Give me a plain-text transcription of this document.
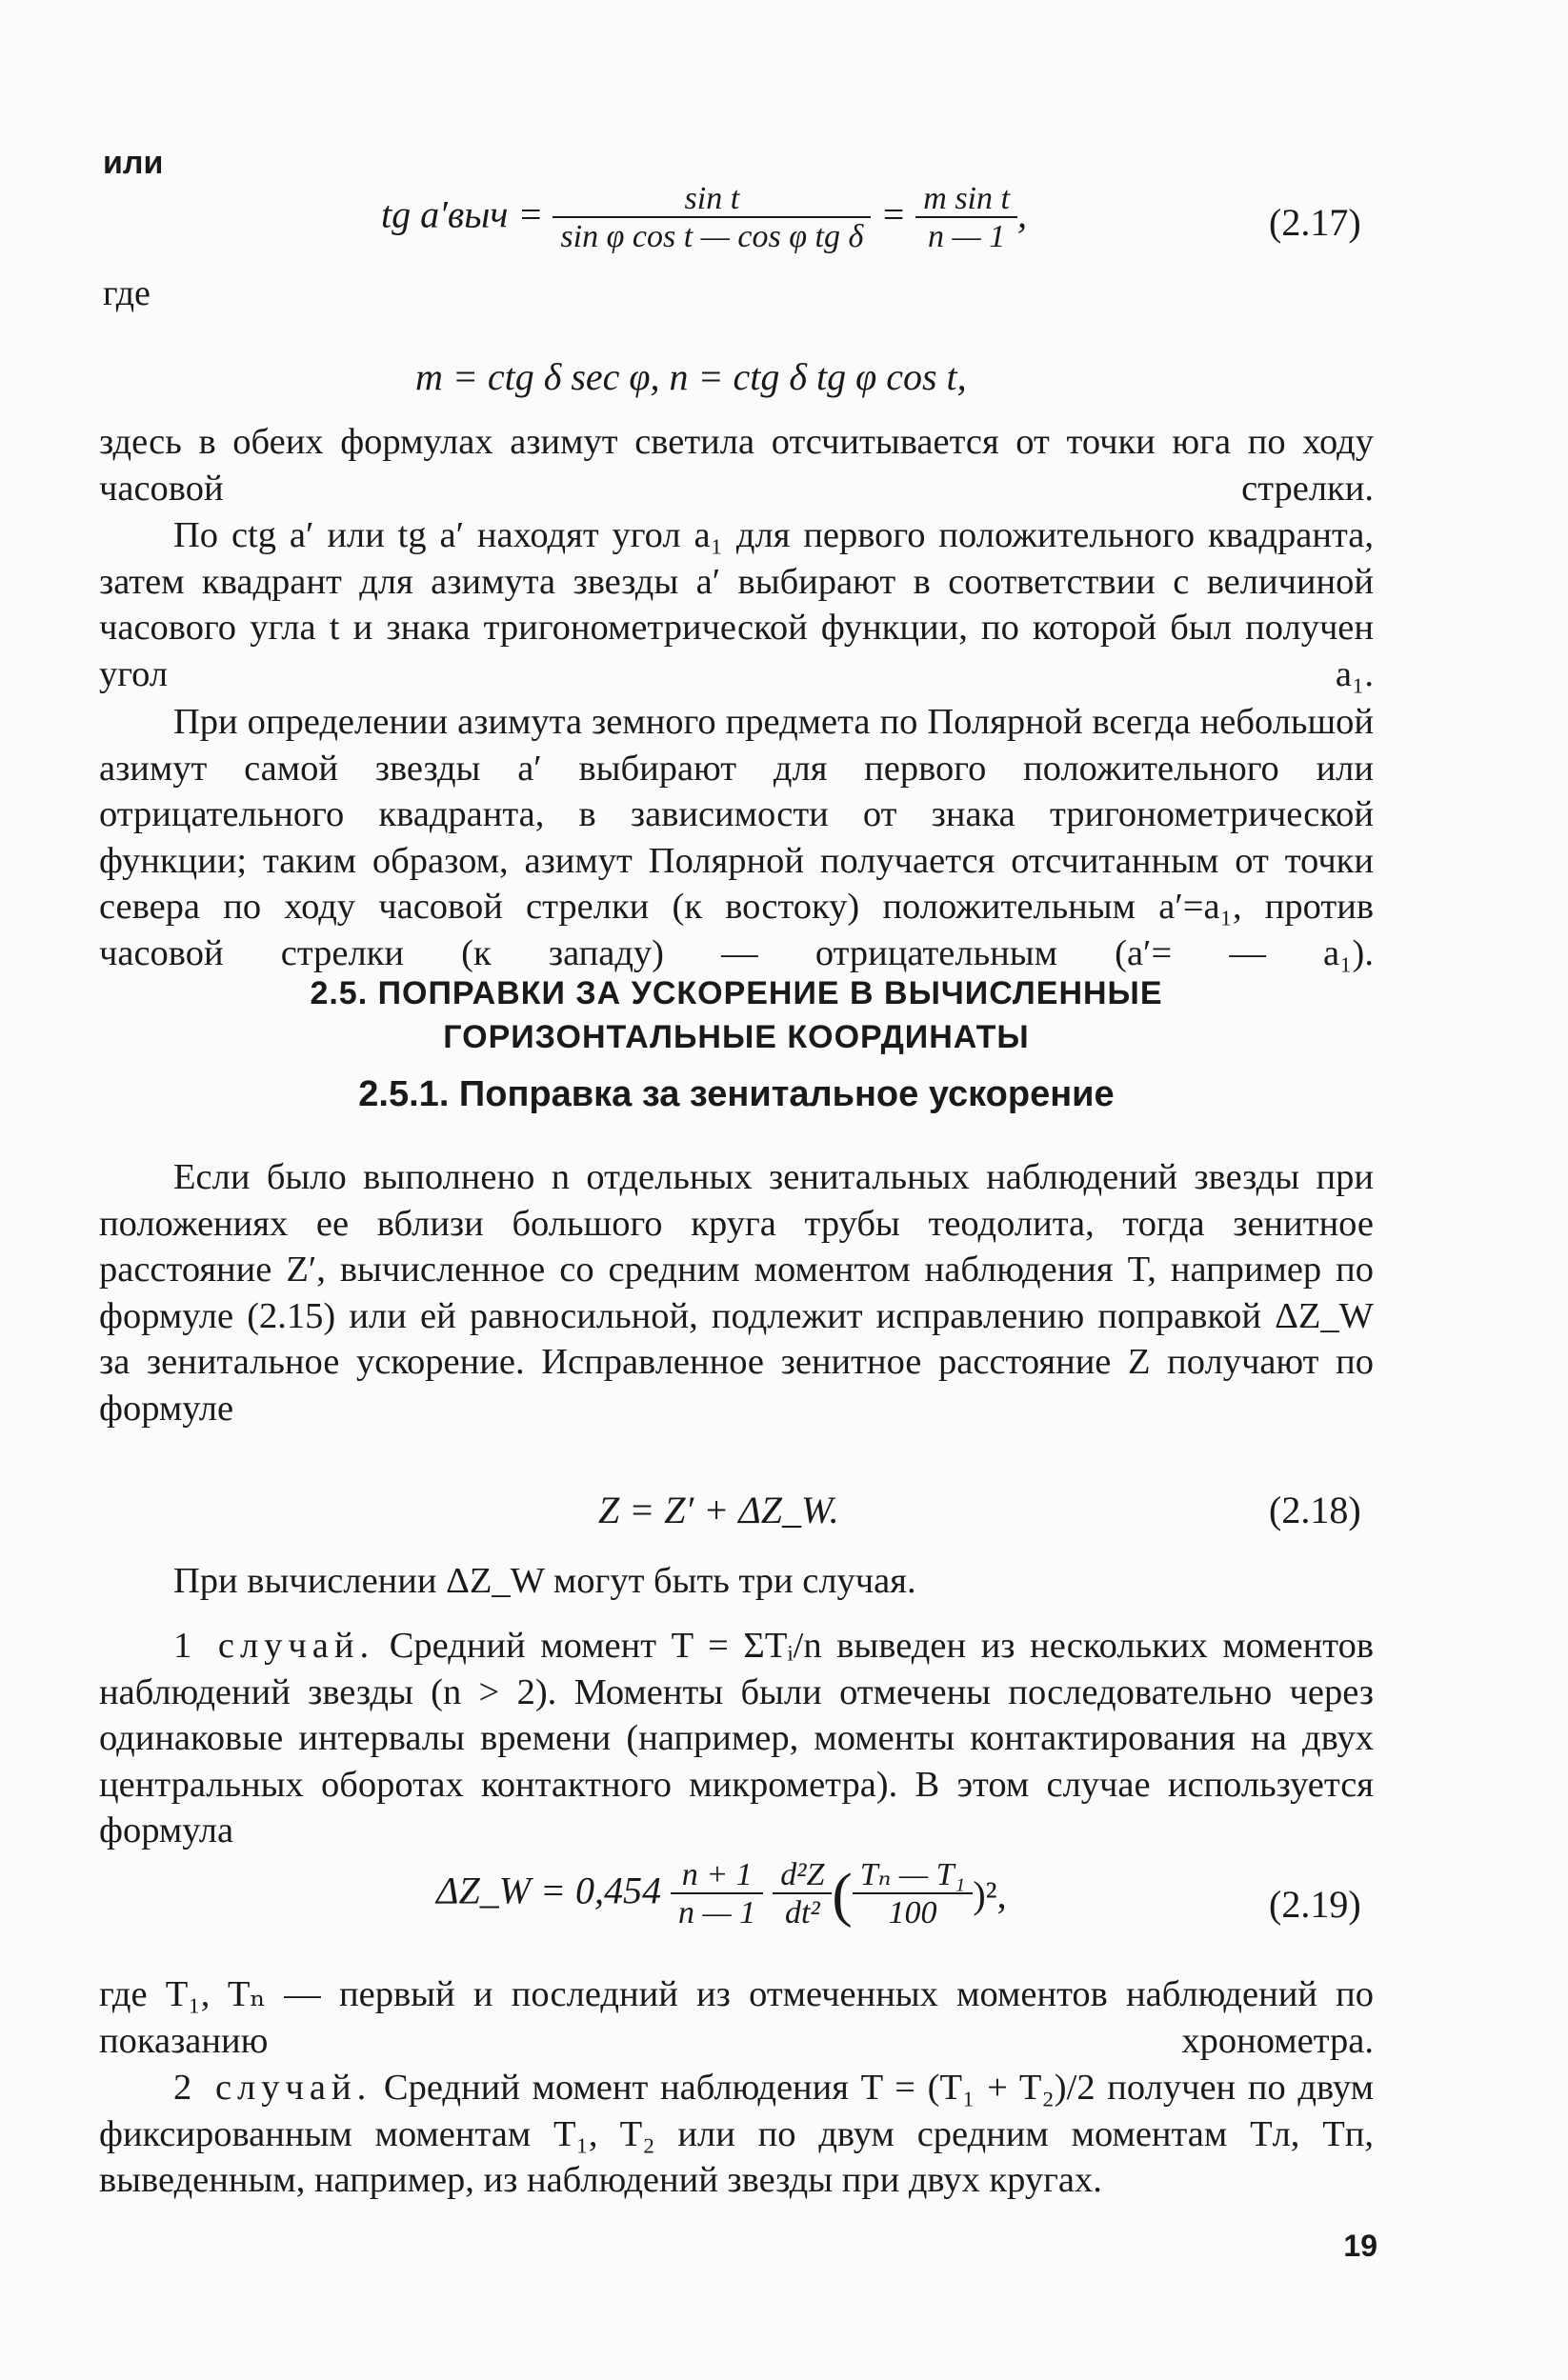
или
tg $a'выч = \frac{\text{sin t}}{\text{sin φ cos t — cos φ tg δ}} = \frac{\text{m sin t}}{n — 1}$ ,	(2.17)
где
m = ctg δ sec φ, n = ctg δ tg φ cos t,
здесь в обеих формулах азимут светила отсчитывается от точки юга по ходу часовой стрелки.
По ctg a′ или tg a′ находят угол a₁ для первого положительного квадранта, затем квадрант для азимута звезды a′ выбирают в соответствии с величиной часового угла t и знака тригонометрической функции, по которой был получен угол a₁.
При определении азимута земного предмета по Полярной всегда небольшой азимут самой звезды a′ выбирают для первого положительного или отрицательного квадранта, в зависимости от знака тригонометрической функции; таким образом, азимут Полярной получается отсчитанным от точки севера по ходу часовой стрелки (к востоку) положительным a′=a₁, против часовой стрелки (к западу) — отрицательным (a′= — a₁).
2.5. ПОПРАВКИ ЗА УСКОРЕНИЕ В ВЫЧИСЛЕННЫЕ
ГОРИЗОНТАЛЬНЫЕ КООРДИНАТЫ
2.5.1. Поправка за зенитальное ускорение
Если было выполнено n отдельных зенитальных наблюдений звезды при положениях ее вблизи большого круга трубы теодолита, тогда зенитное расстояние Z′, вычисленное со средним моментом наблюдения T, например по формуле (2.15) или ей равносильной, подлежит исправлению поправкой ΔZ_W за зенитальное ускорение. Исправленное зенитное расстояние Z получают по формуле
Z = Z′ + ΔZ_W.	(2.18)
При вычислении ΔZ_W могут быть три случая.
1 случай. Средний момент T = ΣTᵢ/n выведен из нескольких моментов наблюдений звезды (n > 2). Моменты были отмечены последовательно через одинаковые интервалы времени (например, моменты контактирования на двух центральных оборотах контактного микрометра). В этом случае используется формула
ΔZ_W = $0,454 \frac{n + 1}{n — 1}$
$\frac{\text{d²Z}}{\text{dt²}}$ ( $\frac{\text{Tₙ — T₁}}{100} )^2$,	(2.19)
где T₁, Tₙ — первый и последний из отмеченных моментов наблюдений по показанию хронометра.
2 случай. Средний момент наблюдения T = (T₁ + T₂)/2 получен по двум фиксированным моментам T₁, T₂ или по двум средним моментам Tл, Tп, выведенным, например, из наблюдений звезды при двух кругах.
19
